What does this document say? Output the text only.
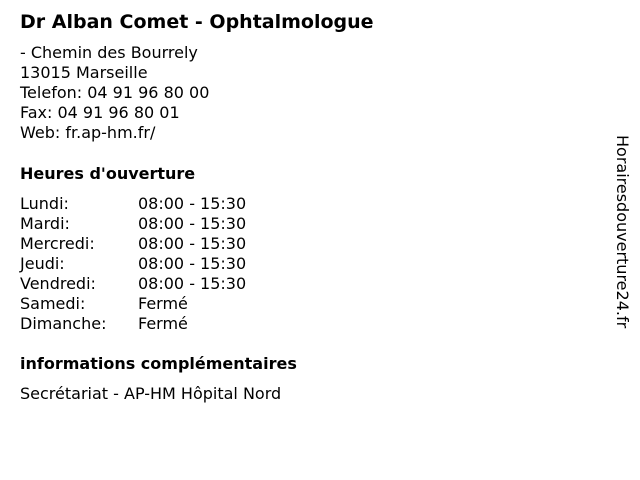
Dr Alban Comet - Ophtalmologue
- Chemin des Bourrely
13015 Marseille
Telefon: 04 91 96 80 00
Fax: 04 91 96 80 01
Web: fr.ap-hm.fr/
Heures d'ouverture
Lundi:	08:00 - 15:30
Mardi:	08:00 - 15:30
Mercredi:	08:00 - 15:30
Jeudi:	08:00 - 15:30
Vendredi:	08:00 - 15:30
Samedi:	Fermé
Dimanche: Fermé
informations complémentaires
Secrétariat - AP-HM Hôpital Nord
Horairesdouverture24.fr
